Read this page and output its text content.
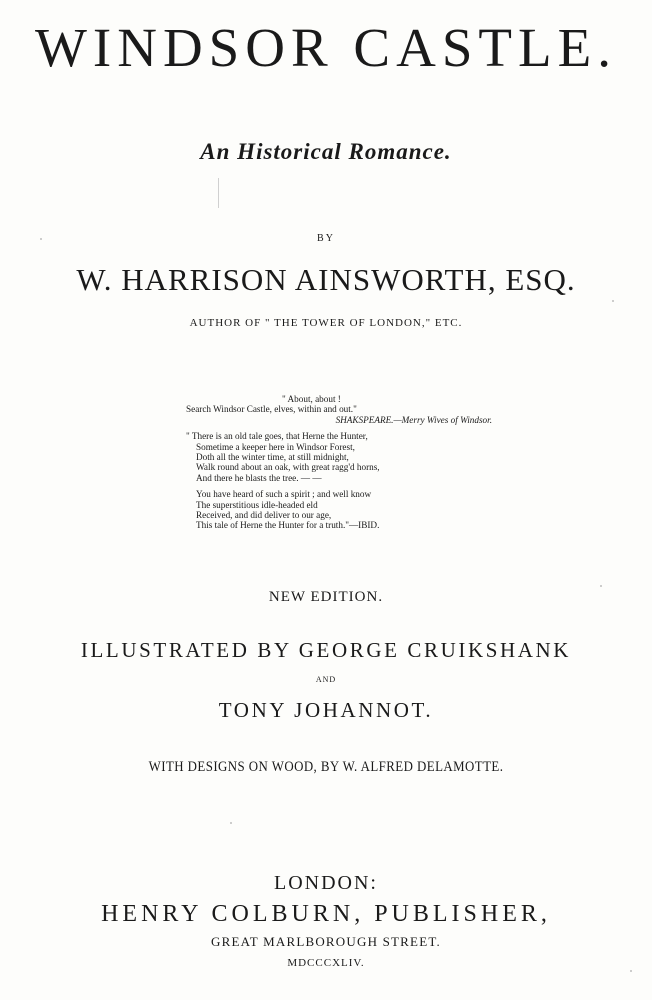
WINDSOR CASTLE.
An Historical Romance.
BY
W. HARRISON AINSWORTH, ESQ.
AUTHOR OF " THE TOWER OF LONDON," ETC.
" About, about !
Search Windsor Castle, elves, within and out."
SHAKSPEARE.—Merry Wives of Windsor.
" There is an old tale goes, that Herne the Hunter,
Sometime a keeper here in Windsor Forest,
Doth all the winter time, at still midnight,
Walk round about an oak, with great ragg'd horns,
And there he blasts the tree. — —
You have heard of such a spirit ; and well know
The superstitious idle-headed eld
Received, and did deliver to our age,
This tale of Herne the Hunter for a truth."—IBID.
NEW EDITION.
ILLUSTRATED BY GEORGE CRUIKSHANK
AND
TONY JOHANNOT.
WITH DESIGNS ON WOOD, BY W. ALFRED DELAMOTTE.
LONDON:
HENRY COLBURN, PUBLISHER,
GREAT MARLBOROUGH STREET.
MDCCCXLIV.
